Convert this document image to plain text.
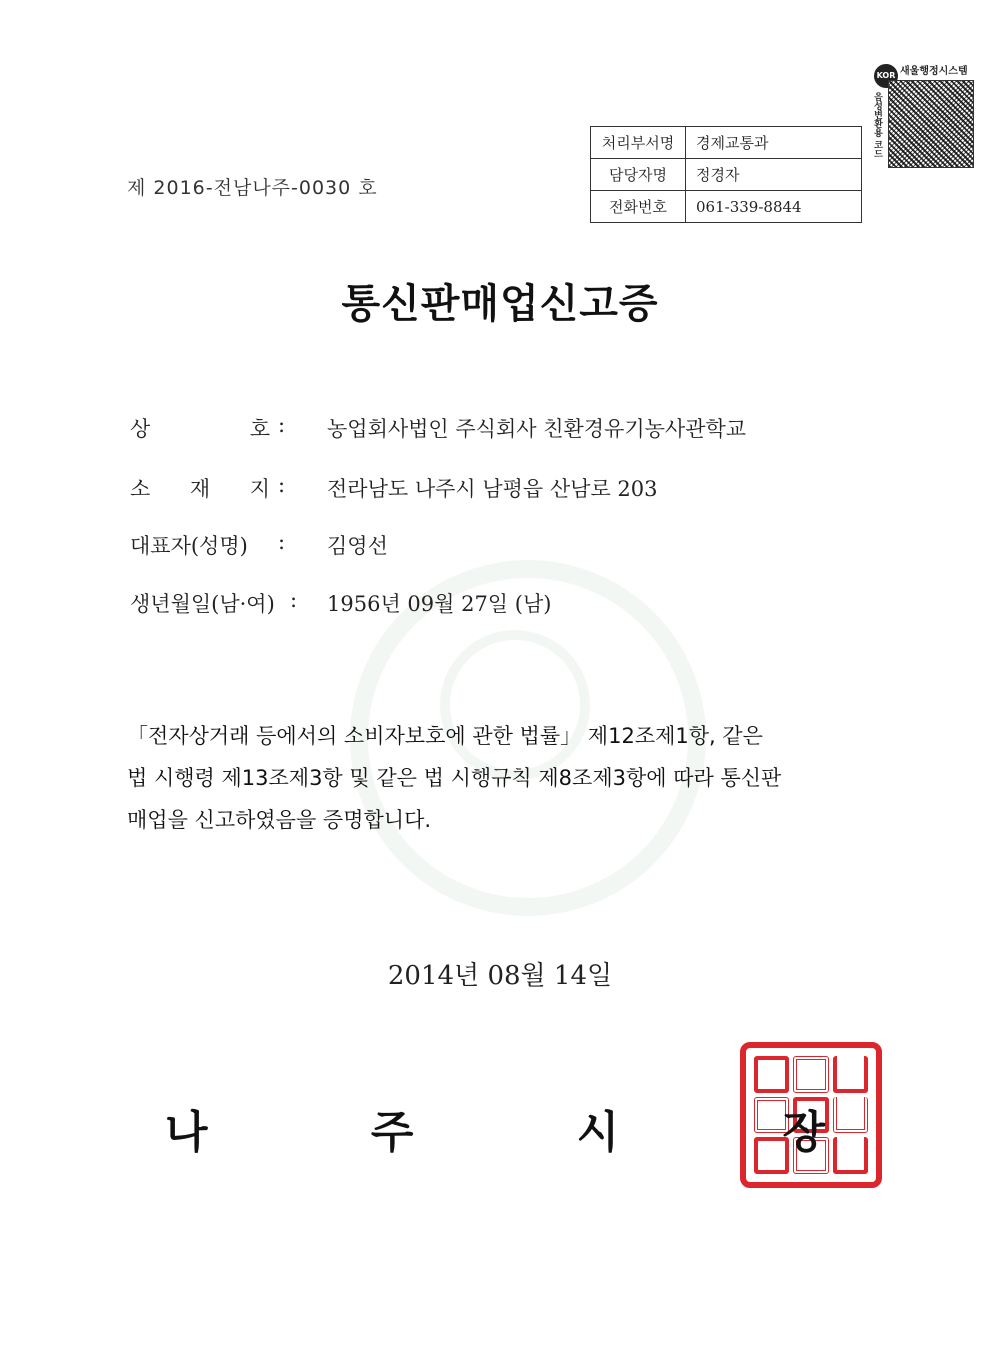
제 2016-전남나주-0030 호
처리부서명	경제교통과
담당자명	정경자
전화번호	061-339-8844
KOR 새울행정시스템
음성변환용 코드
통신판매업신고증
상	호 : 농업회사법인 주식회사 친환경유기농사관학교
소 재 지 : 전라남도 나주시 남평읍 산남로 203
대표자(성명)	: 김영선
생년월일(남·여) : 1956년 09월 27일 (남)
「전자상거래 등에서의 소비자보호에 관한 법률」 제12조제1항, 같은
법 시행령 제13조제3항 및 같은 법 시행규칙 제8조제3항에 따라 통신판
매업을 신고하였음을 증명합니다.
2014년 08월 14일
나	주	시	장
